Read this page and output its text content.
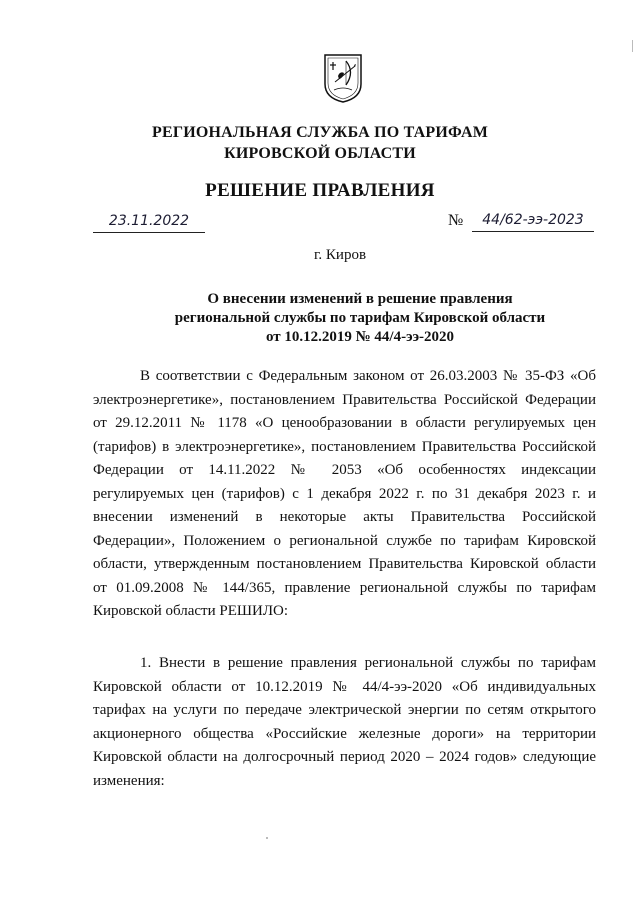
РЕГИОНАЛЬНАЯ СЛУЖБА ПО ТАРИФАМ
КИРОВСКОЙ ОБЛАСТИ
РЕШЕНИЕ ПРАВЛЕНИЯ
23.11.2022	№	44/62-ээ-2023
г. Киров
О внесении изменений в решение правления
региональной службы по тарифам Кировской области
от 10.12.2019 № 44/4-ээ-2020
В соответствии с Федеральным законом от 26.03.2003 № 35-ФЗ «Об электроэнергетике», постановлением Правительства Российской Федерации от 29.12.2011 № 1178 «О ценообразовании в области регулируемых цен (тарифов) в электроэнергетике», постановлением Правительства Российской Федерации от 14.11.2022 № 2053 «Об особенностях индексации регулируемых цен (тарифов) с 1 декабря 2022 г. по 31 декабря 2023 г. и внесении изменений в некоторые акты Правительства Российской Федерации», Положением о региональной службе по тарифам Кировской области, утвержденным постановлением Правительства Кировской области от 01.09.2008 № 144/365, правление региональной службы по тарифам Кировской области РЕШИЛО:
1. Внести в решение правления региональной службы по тарифам Кировской области от 10.12.2019 № 44/4-ээ-2020 «Об индивидуальных тарифах на услуги по передаче электрической энергии по сетям открытого акционерного общества «Российские железные дороги» на территории Кировской области на долгосрочный период 2020 – 2024 годов» следующие изменения:
